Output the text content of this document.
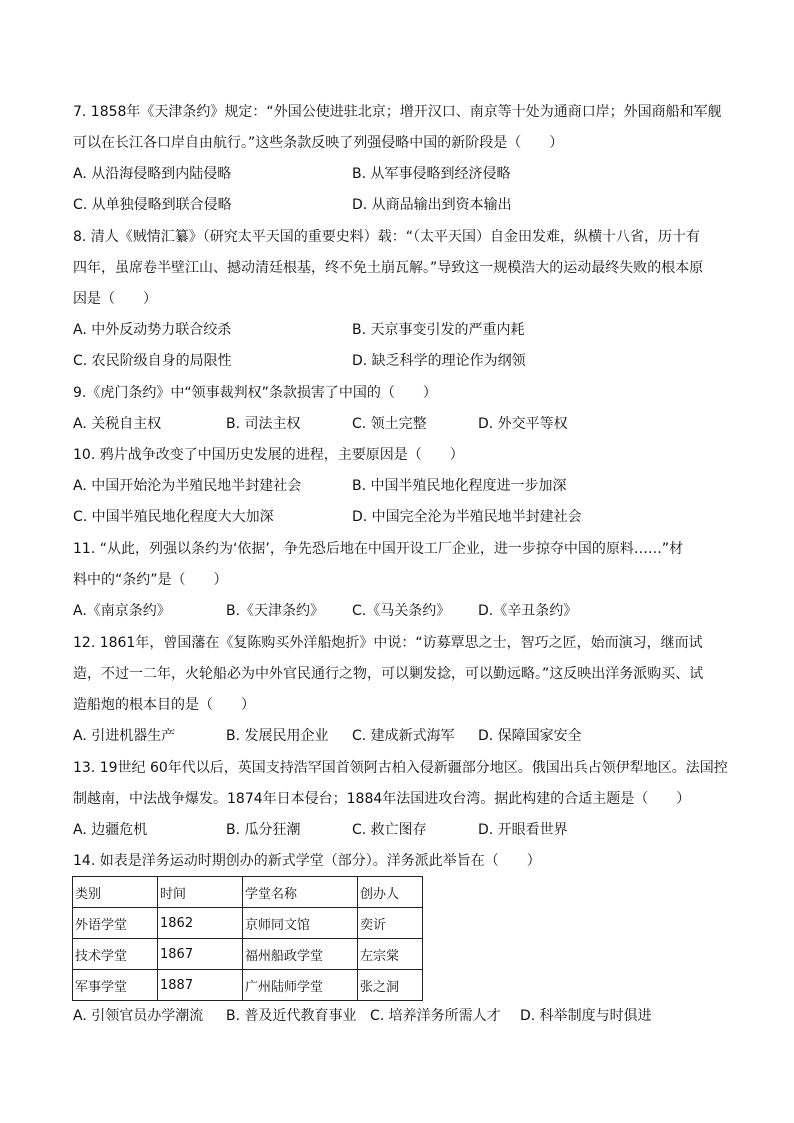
7. 1858年《天津条约》规定：“外国公使进驻北京；增开汉口、南京等十处为通商口岸；外国商船和军舰
可以在长江各口岸自由航行。”这些条款反映了列强侵略中国的新阶段是（　　）
A. 从沿海侵略到内陆侵略	B. 从军事侵略到经济侵略
C. 从单独侵略到联合侵略	D. 从商品输出到资本输出
8. 清人《贼情汇纂》（研究太平天国的重要史料）载：“（太平天国）自金田发难，纵横十八省，历十有
四年，虽席卷半壁江山、撼动清廷根基，终不免土崩瓦解。”导致这一规模浩大的运动最终失败的根本原
因是（　　）
A. 中外反动势力联合绞杀	B. 天京事变引发的严重内耗
C. 农民阶级自身的局限性	D. 缺乏科学的理论作为纲领
9.《虎门条约》中“领事裁判权”条款损害了中国的（　　）
A. 关税自主权	B. 司法主权	C. 领土完整	D. 外交平等权
10. 鸦片战争改变了中国历史发展的进程，主要原因是（　　）
A. 中国开始沦为半殖民地半封建社会	B. 中国半殖民地化程度进一步加深
C. 中国半殖民地化程度大大加深	D. 中国完全沦为半殖民地半封建社会
11. “从此，列强以条约为‘依据’，争先恐后地在中国开设工厂企业，进一步掠夺中国的原料……”材
料中的“条约”是（　　）
A.《南京条约》	B.《天津条约》 C.《马关条约》 D.《辛丑条约》
12. 1861年，曾国藩在《复陈购买外洋船炮折》中说：“访募覃思之士，智巧之匠，始而演习，继而试
造，不过一二年，火轮船必为中外官民通行之物，可以剿发捻，可以勤远略。”这反映出洋务派购买、试
造船炮的根本目的是（　　）
A. 引进机器生产	B. 发展民用企业 C. 建成新式海军 D. 保障国家安全
13. 19世纪 60年代以后，英国支持浩罕国首领阿古柏入侵新疆部分地区。俄国出兵占领伊犁地区。法国控
制越南，中法战争爆发。1874年日本侵台；1884年法国进攻台湾。据此构建的合适主题是（　　）
A. 边疆危机	B. 瓜分狂潮	C. 救亡图存	D. 开眼看世界
14. 如表是洋务运动时期创办的新式学堂（部分）。洋务派此举旨在（　　）
类别	时间	学堂名称	创办人
外语学堂	1862	京师同文馆	奕䜣
技术学堂	1867	福州船政学堂	左宗棠
军事学堂	1887	广州陆师学堂	张之洞
A. 引领官员办学潮流 B. 普及近代教育事业 C. 培养洋务所需人才 D. 科举制度与时俱进
